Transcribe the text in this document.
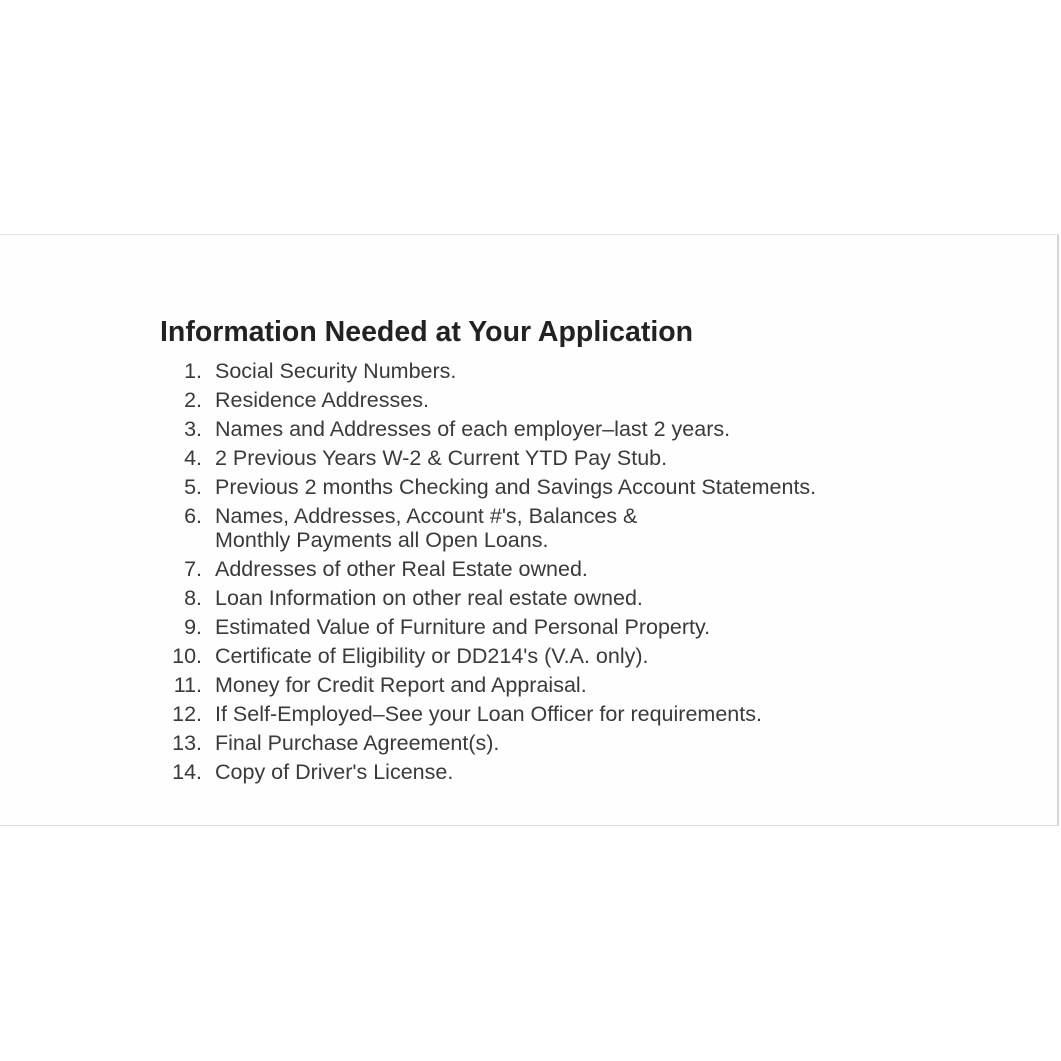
Information Needed at Your Application
1. Social Security Numbers.
2. Residence Addresses.
3. Names and Addresses of each employer–last 2 years.
4. 2 Previous Years W-2 & Current YTD Pay Stub.
5. Previous 2 months Checking and Savings Account Statements.
6. Names, Addresses, Account #'s, Balances &
Monthly Payments all Open Loans.
7. Addresses of other Real Estate owned.
8. Loan Information on other real estate owned.
9. Estimated Value of Furniture and Personal Property.
10. Certificate of Eligibility or DD214's (V.A. only).
11. Money for Credit Report and Appraisal.
12. If Self-Employed–See your Loan Officer for requirements.
13. Final Purchase Agreement(s).
14. Copy of Driver's License.
